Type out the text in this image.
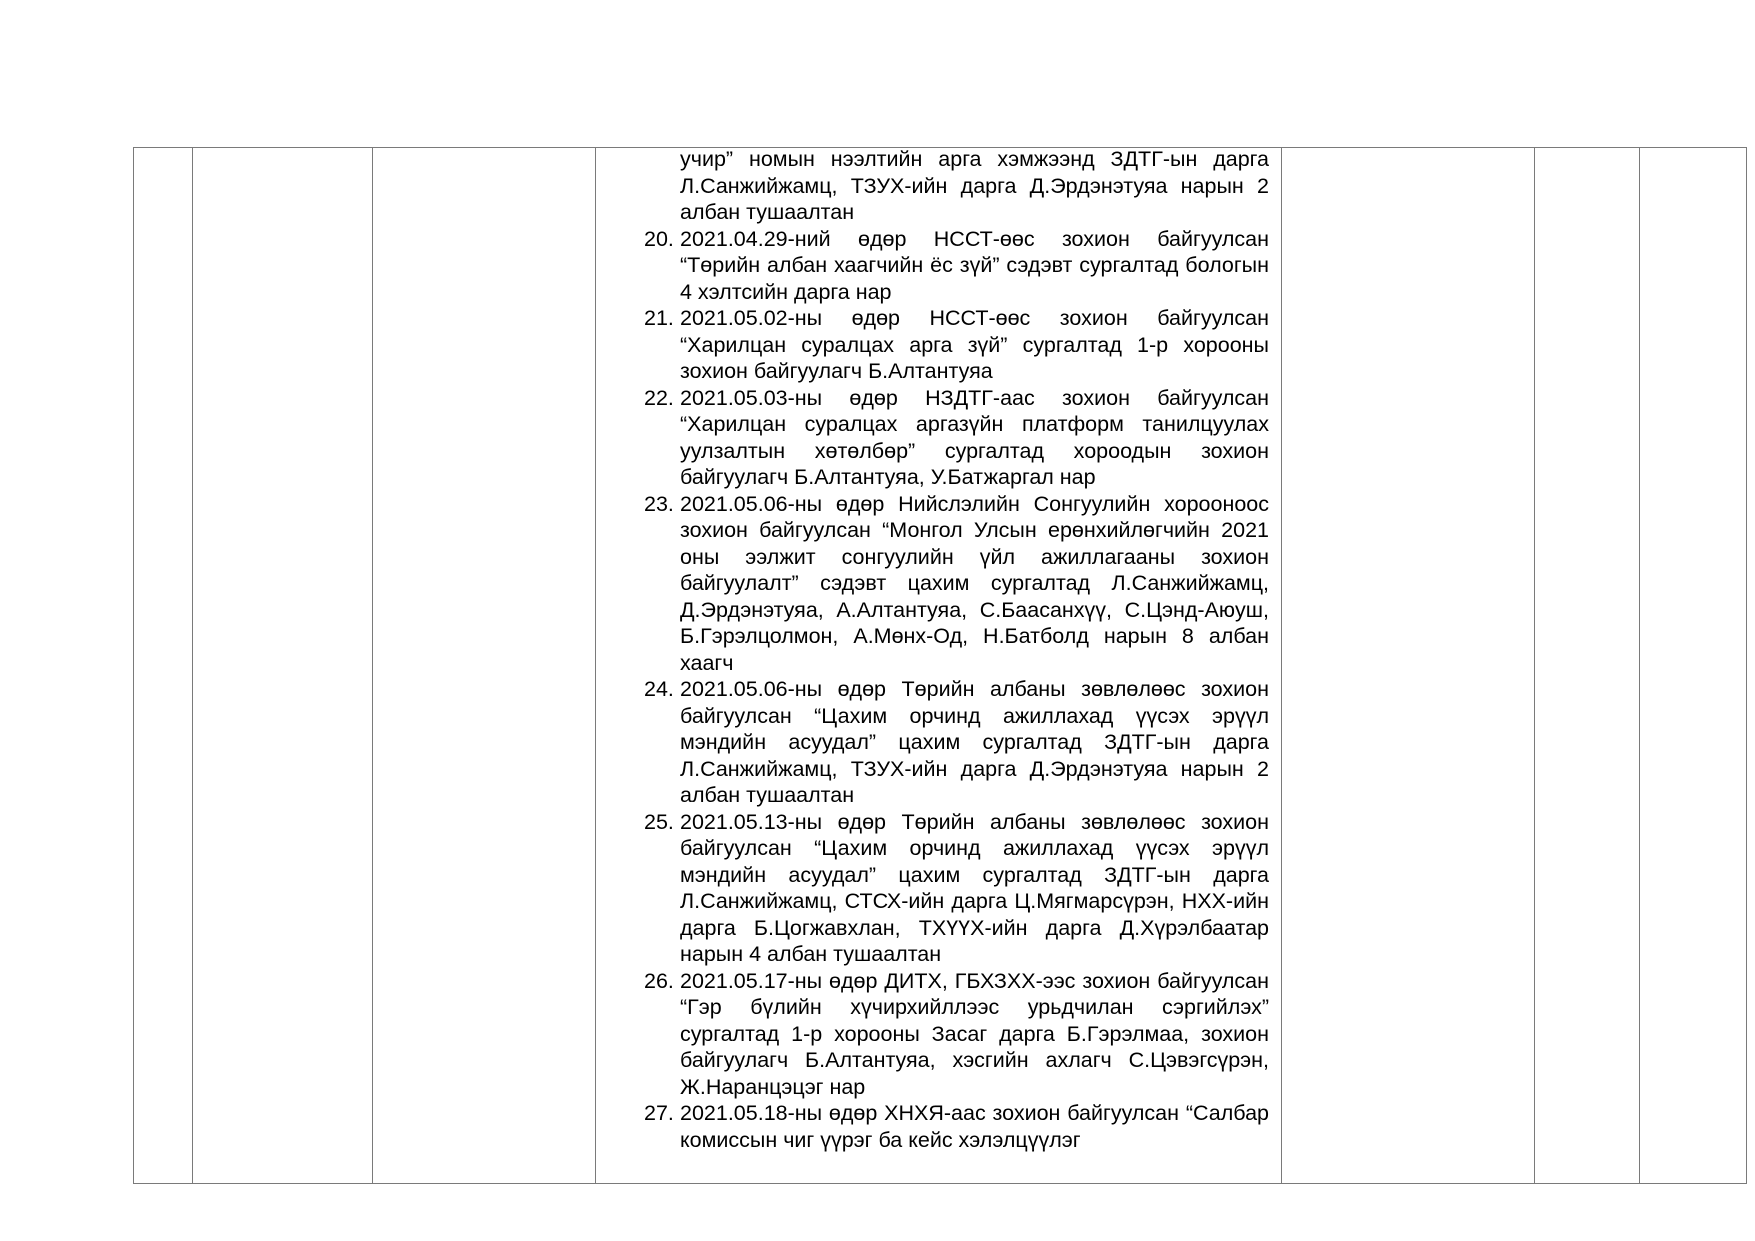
учир” номын нээлтийн арга хэмжээнд ЗДТГ-ын дарга Л.Санжийжамц, ТЗУХ-ийн дарга Д.Эрдэнэтуяа нарын 2 албан тушаалтан
20. 2021.04.29-ний өдөр НССТ-өөс зохион байгуулсан “Төрийн албан хаагчийн ёс зүй” сэдэвт сургалтад бологын 4 хэлтсийн дарга нар
21. 2021.05.02-ны өдөр НССТ-өөс зохион байгуулсан “Харилцан суралцах арга зүй” сургалтад 1-р хорооны зохион байгуулагч Б.Алтантуяа
22. 2021.05.03-ны өдөр НЗДТГ-аас зохион байгуулсан “Харилцан суралцах аргазүйн платформ танилцуулах уулзалтын хөтөлбөр” сургалтад хороодын зохион байгуулагч Б.Алтантуяа, У.Батжаргал нар
23. 2021.05.06-ны өдөр Нийслэлийн Сонгуулийн хорооноос зохион байгуулсан “Монгол Улсын ерөнхийлөгчийн 2021 оны ээлжит сонгуулийн үйл ажиллагааны зохион байгуулалт” сэдэвт цахим сургалтад Л.Санжийжамц, Д.Эрдэнэтуяа, А.Алтантуяа, С.Баасанхүү, С.Цэнд-Аюуш, Б.Гэрэлцолмон, А.Мөнх-Од, Н.Батболд нарын 8 албан хаагч
24. 2021.05.06-ны өдөр Төрийн албаны зөвлөлөөс зохион байгуулсан “Цахим орчинд ажиллахад үүсэх эрүүл мэндийн асуудал” цахим сургалтад ЗДТГ-ын дарга Л.Санжийжамц, ТЗУХ-ийн дарга Д.Эрдэнэтуяа нарын 2 албан тушаалтан
25. 2021.05.13-ны өдөр Төрийн албаны зөвлөлөөс зохион байгуулсан “Цахим орчинд ажиллахад үүсэх эрүүл мэндийн асуудал” цахим сургалтад ЗДТГ-ын дарга Л.Санжийжамц, СТСХ-ийн дарга Ц.Мягмарсүрэн, НХХ-ийн дарга Б.Цогжавхлан, ТХҮҮХ-ийн дарга Д.Хүрэлбаатар нарын 4 албан тушаалтан
26. 2021.05.17-ны өдөр ДИТХ, ГБХЗХХ-ээс зохион байгуулсан “Гэр бүлийн хүчирхийллээс урьдчилан сэргийлэх” сургалтад 1-р хорооны Засаг дарга Б.Гэрэлмаа, зохион байгуулагч Б.Алтантуяа, хэсгийн ахлагч С.Цэвэгсүрэн, Ж.Наранцэцэг нар
27. 2021.05.18-ны өдөр ХНХЯ-аас зохион байгуулсан “Салбар комиссын чиг үүрэг ба кейс хэлэлцүүлэг
